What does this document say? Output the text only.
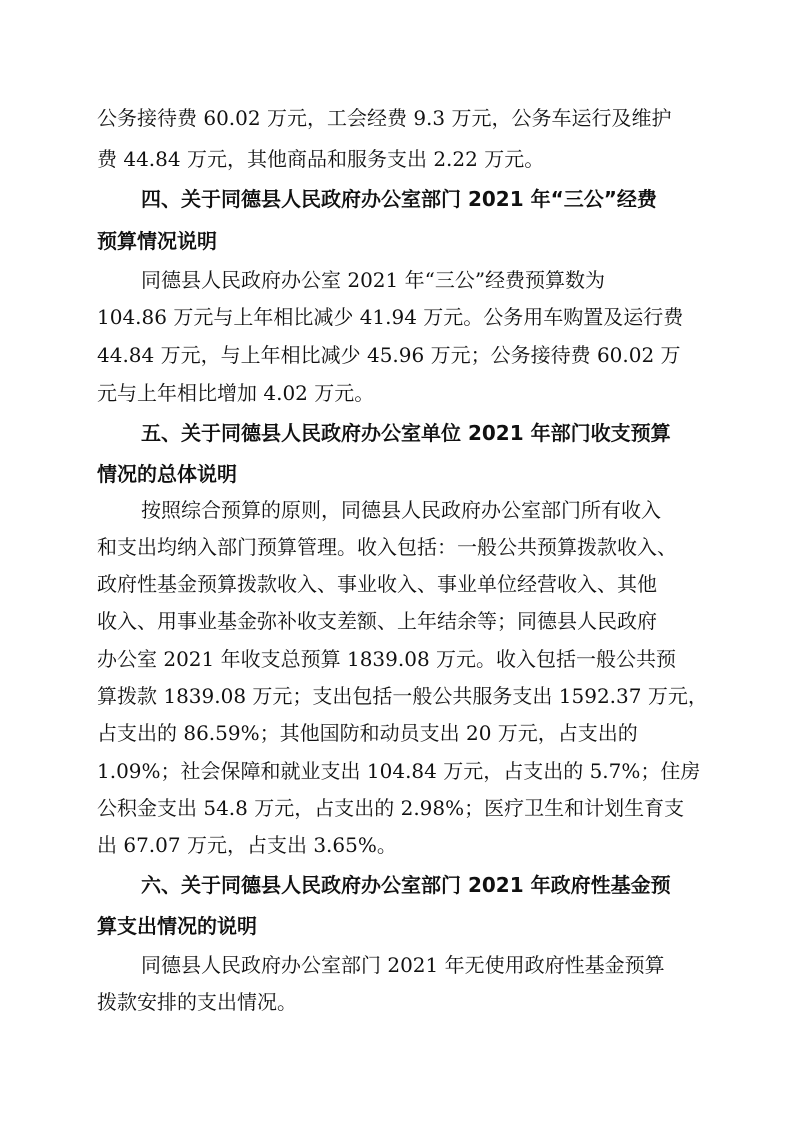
公务接待费 60.02 万元，工会经费 9.3 万元，公务车运行及维护
费 44.84 万元，其他商品和服务支出 2.22 万元。
四、关于同德县人民政府办公室部门 2021 年“三公”经费
预算情况说明
同德县人民政府办公室 2021 年“三公”经费预算数为
104.86 万元与上年相比减少 41.94 万元。公务用车购置及运行费
44.84 万元，与上年相比减少 45.96 万元；公务接待费 60.02 万
元与上年相比增加 4.02 万元。
五、关于同德县人民政府办公室单位 2021 年部门收支预算
情况的总体说明
按照综合预算的原则，同德县人民政府办公室部门所有收入
和支出均纳入部门预算管理。收入包括：一般公共预算拨款收入、
政府性基金预算拨款收入、事业收入、事业单位经营收入、其他
收入、用事业基金弥补收支差额、上年结余等；同德县人民政府
办公室 2021 年收支总预算 1839.08 万元。收入包括一般公共预
算拨款 1839.08 万元；支出包括一般公共服务支出 1592.37 万元，
占支出的 86.59%；其他国防和动员支出 20 万元，占支出的
1.09%；社会保障和就业支出 104.84 万元，占支出的 5.7%；住房
公积金支出 54.8 万元，占支出的 2.98%；医疗卫生和计划生育支
出 67.07 万元，占支出 3.65%。
六、关于同德县人民政府办公室部门 2021 年政府性基金预
算支出情况的说明
同德县人民政府办公室部门 2021 年无使用政府性基金预算
拨款安排的支出情况。
